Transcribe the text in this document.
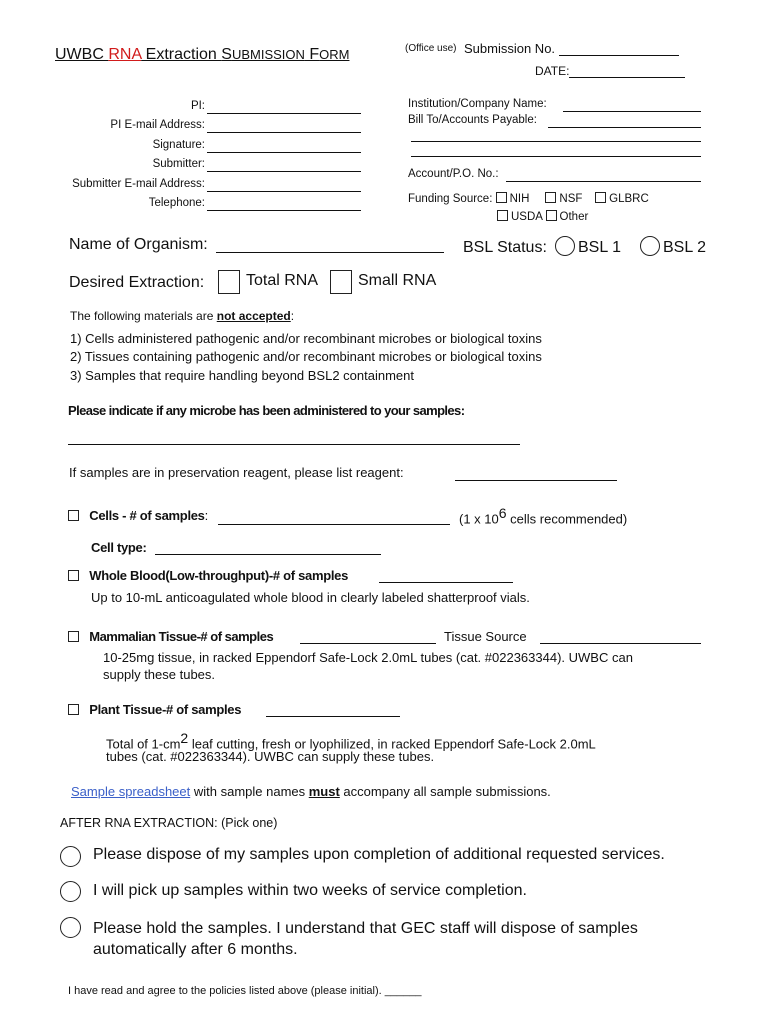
UWBC RNA Extraction SUBMISSION FORM	(Office use) Submission No.
DATE:
PI:
PI E-mail Address:
Signature:
Submitter:
Submitter E-mail Address:
Telephone:
Institution/Company Name:
Bill To/Accounts Payable:
Account/P.O. No.:
Funding Source: NIH	NSF GLBRC
USDA Other
Name of Organism:	BSL Status: BSL 1	BSL 2
Desired Extraction:	Total RNA Small RNA
The following materials are not accepted:
1) Cells administered pathogenic and/or recombinant microbes or biological toxins
2) Tissues containing pathogenic and/or recombinant microbes or biological toxins
3) Samples that require handling beyond BSL2 containment
Please indicate if any microbe has been administered to your samples:
If samples are in preservation reagent, please list reagent:
Cells - # of samples:	(1 x $10^6$ cells recommended)
Cell type:
Whole Blood(Low-throughput)-# of samples
Up to 10-mL anticoagulated whole blood in clearly labeled shatterproof vials.
Mammalian Tissue-# of samples	Tissue Source
10-25mg tissue, in racked Eppendorf Safe-Lock 2.0mL tubes (cat. #022363344). UWBC can
supply these tubes.
Plant Tissue-# of samples
Total of $1-cm^2$ leaf cutting, fresh or lyophilized, in racked Eppendorf Safe-Lock 2.0mL
tubes (cat. #022363344). UWBC can supply these tubes.
Sample spreadsheet with sample names must accompany all sample submissions.
AFTER RNA EXTRACTION: (Pick one)
Please dispose of my samples upon completion of additional requested services.
I will pick up samples within two weeks of service completion.
Please hold the samples. I understand that GEC staff will dispose of samples
automatically after 6 months.
I have read and agree to the policies listed above (please initial). ______
